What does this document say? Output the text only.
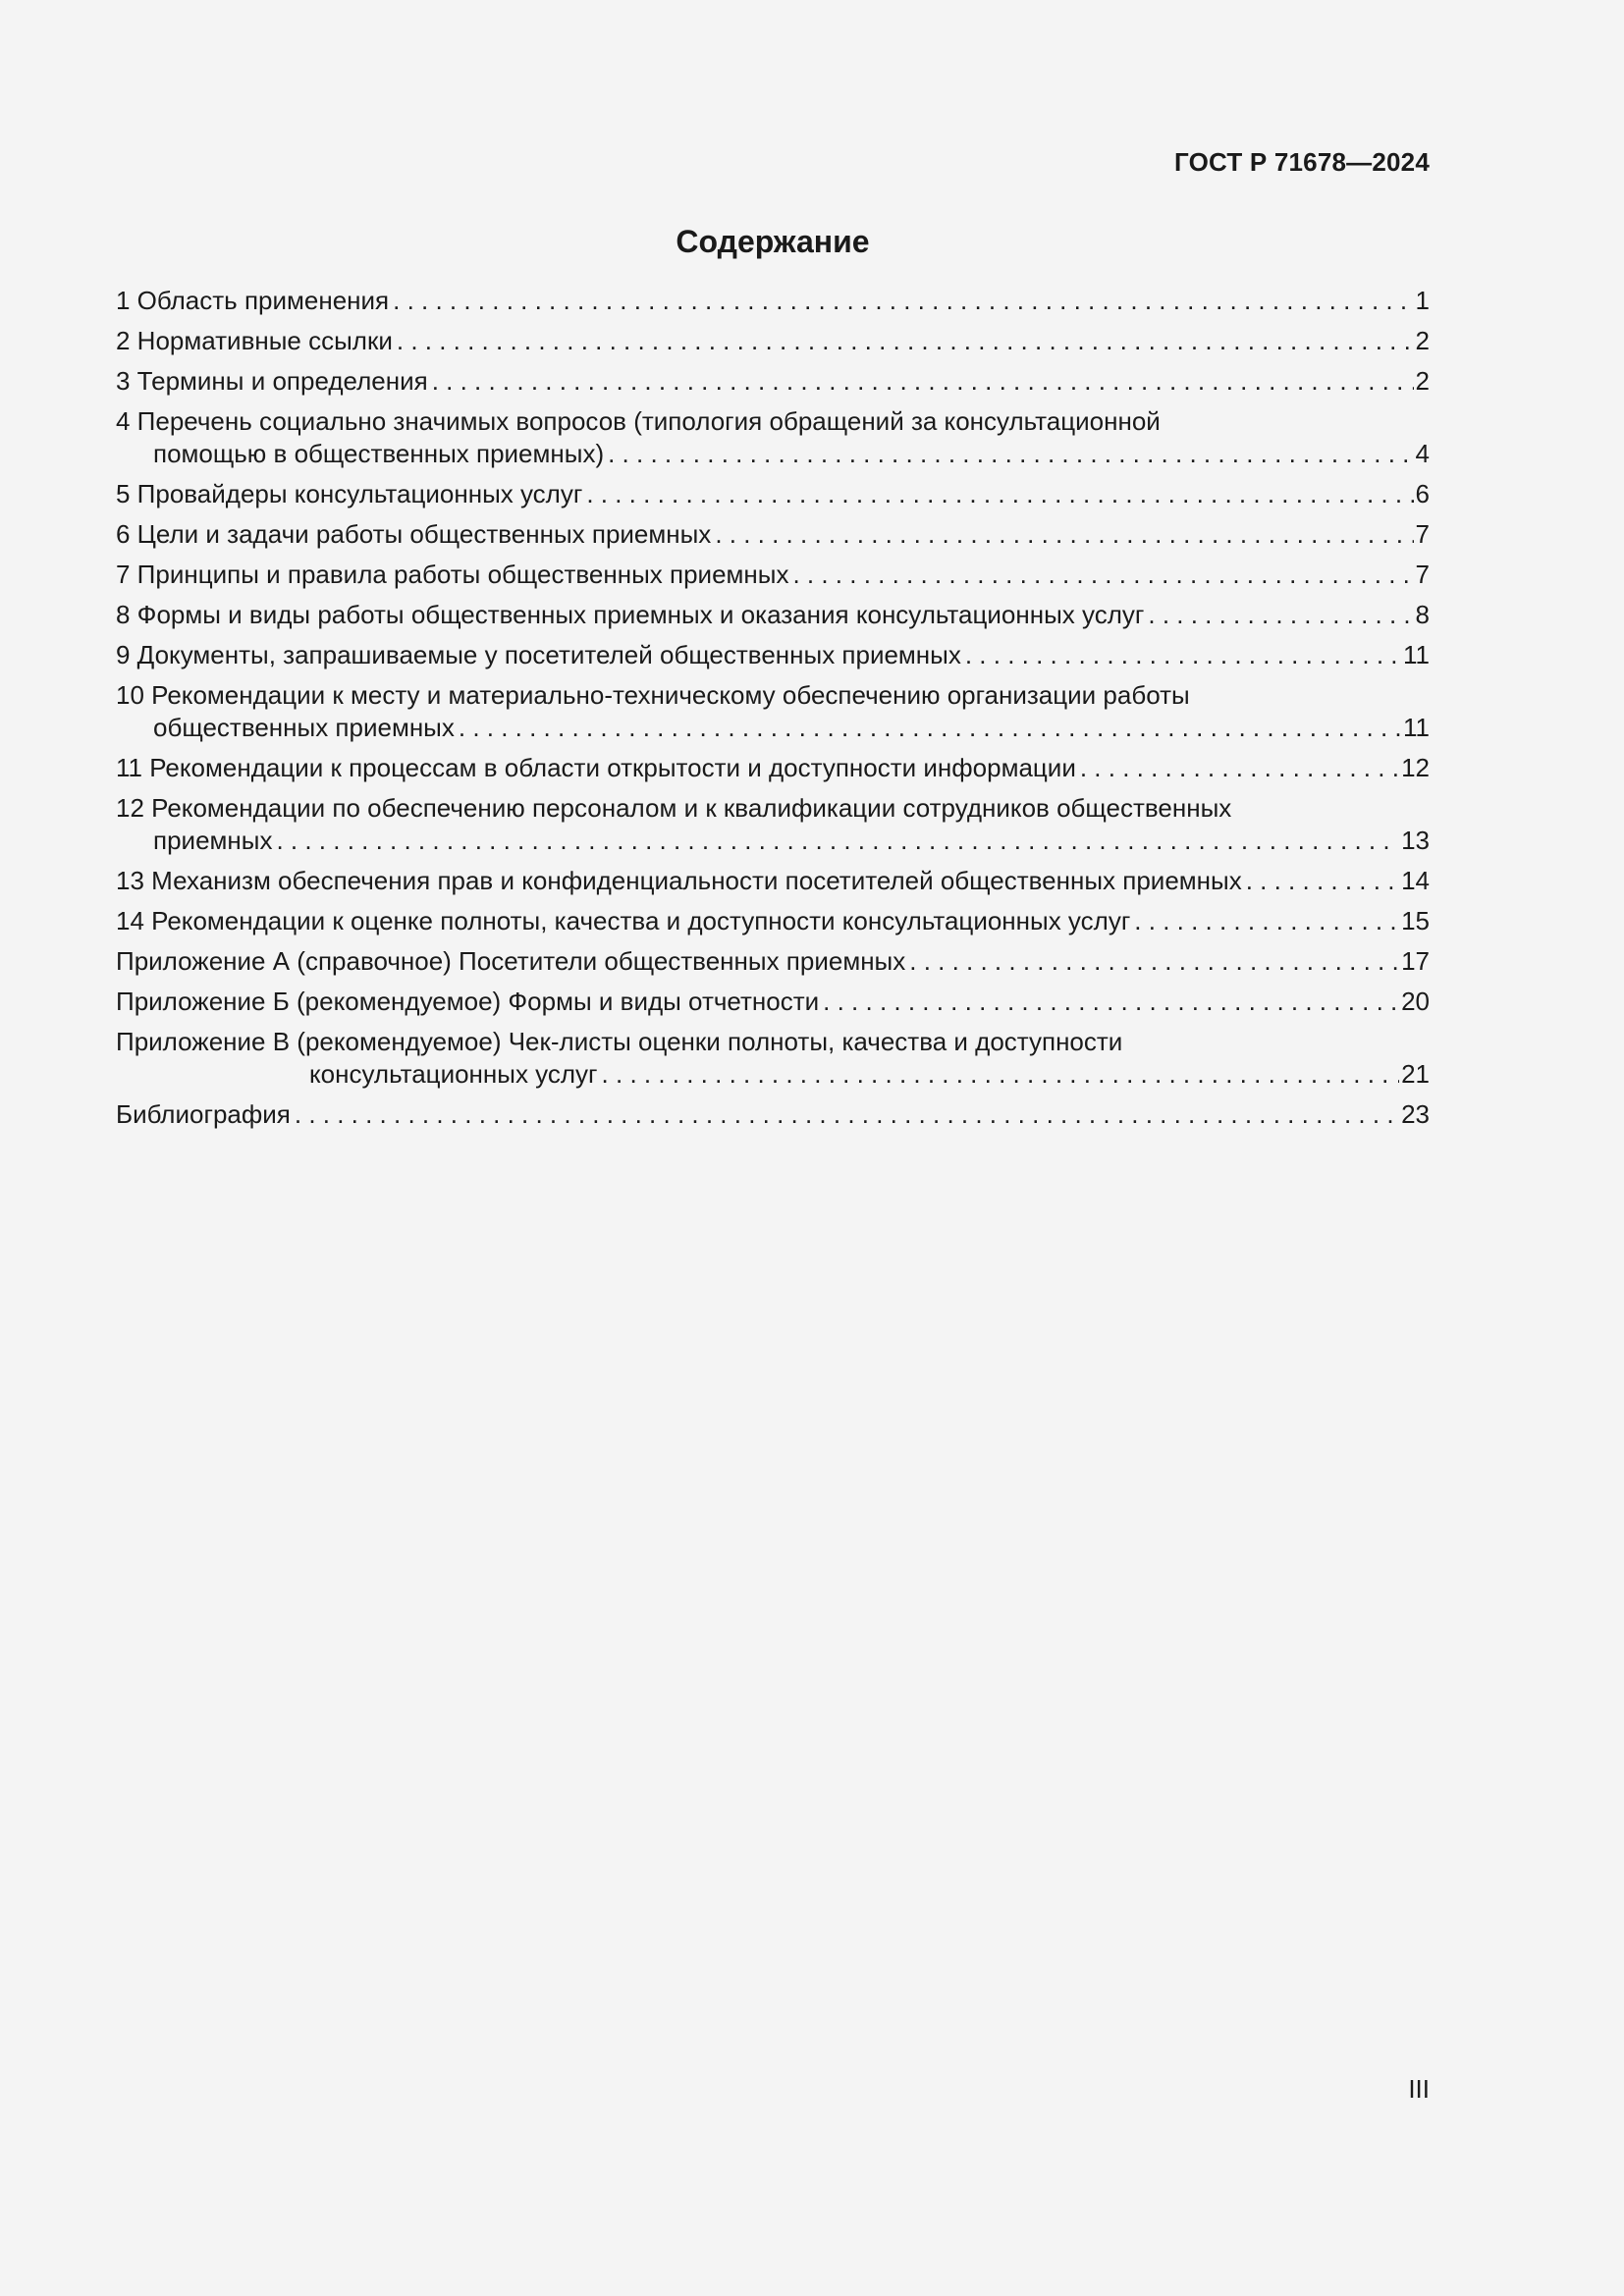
ГОСТ Р 71678—2024
Содержание
1 Область применения . . .	1
2 Нормативные ссылки . . .	2
3 Термины и определения . . .	2
4 Перечень социально значимых вопросов (типология обращений за консультационной
помощью в общественных приемных) . . .	4
5 Провайдеры консультационных услуг . . .	6
6 Цели и задачи работы общественных приемных . . .	7
7 Принципы и правила работы общественных приемных . . .	7
8 Формы и виды работы общественных приемных и оказания консультационных услуг . . .	8
9 Документы, запрашиваемые у посетителей общественных приемных . . .	11
10 Рекомендации к месту и материально-техническому обеспечению организации работы
общественных приемных . . .	11
11 Рекомендации к процессам в области открытости и доступности информации . . .	12
12 Рекомендации по обеспечению персоналом и к квалификации сотрудников общественных
приемных . . .	13
13 Механизм обеспечения прав и конфиденциальности посетителей общественных приемных . . .	14
14 Рекомендации к оценке полноты, качества и доступности консультационных услуг . . .	15
Приложение А (справочное) Посетители общественных приемных . . .	17
Приложение Б (рекомендуемое) Формы и виды отчетности . . .	20
Приложение В (рекомендуемое) Чек-листы оценки полноты, качества и доступности
консультационных услуг . . .	21
Библиография . . .	23
III
